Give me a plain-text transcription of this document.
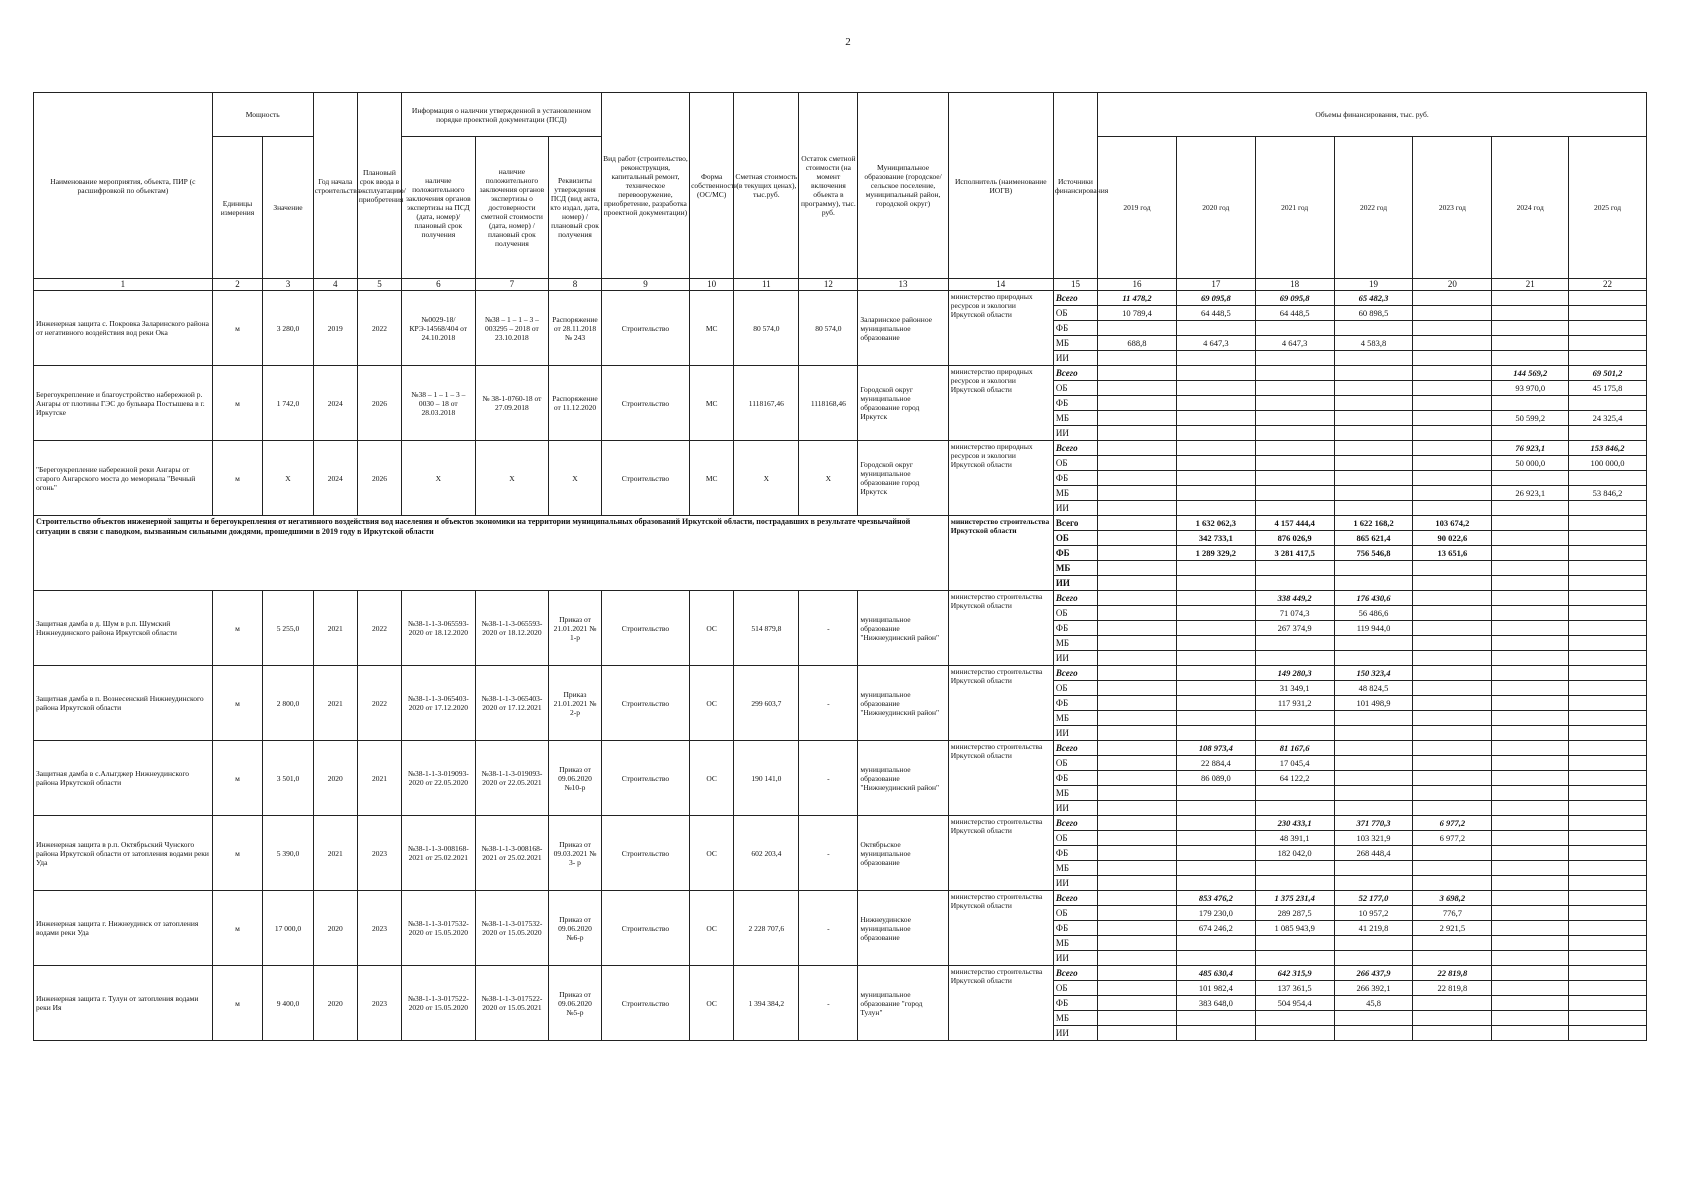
2
Наименование мероприятия, объекта, ПИР (с расшифровкой по объектам)	Мощность		Год начала строительства	Плановый срок ввода в эксплуатацию/приобретения	Информация о наличии утвержденной в установленном порядке проектной документации (ПСД)			Вид работ (строительство, реконструкция, капитальный ремонт, техническое перевооружение, приобретение, разработка проектной документации)	Форма собственности (ОС/МС)	Сметная стоимость (в текущих ценах), тыс.руб.	Остаток сметной стоимости (на момент включения объекта в программу), тыс. руб.	Муниципальное образование (городское/сельское поселение, муниципальный район, городской округ)	Исполнитель (наименование ИОГВ)	Источники финансирования	Объемы финансирования, тыс. руб.						
	Единицы измерения	Значение			наличие положительного заключения органов экспертизы на ПСД (дата, номер)/плановый срок получения	наличие положительного заключения органов экспертизы о достоверности сметной стоимости (дата, номер) / плановый срок получения	Реквизиты утверждения ПСД (вид акта, кто издал, дата, номер) / плановый срок получения								2019 год	2020 год	2021 год	2022 год	2023 год	2024 год	2025 год
1	2	3	4	5	6	7	8	9	10	11	12	13	14	15	16	17	18	19	20	21	22
Инженерная защита с. Покровка Заларинского района от негативного воздействия вод реки Ока	м	3 280,0	2019	2022	№0029-18/КРЭ-14568/404 от 24.10.2018	№38 – 1 – 1 – 3 – 003295 – 2018 от 23.10.2018	Распоряжение от 28.11.2018 № 243	Строительство	МС	80 574,0	80 574,0	Заларинское районное муниципальное образование	министерство природных ресурсов и экологии Иркутской области	Всего	11 478,2	69 095,8	69 095,8	65 482,3			
														ОБ	10 789,4	64 448,5	64 448,5	60 898,5			
														ФБ							
														МБ	688,8	4 647,3	4 647,3	4 583,8			
														ИИ							
Берегоукрепление и благоустройство набережной р. Ангары от плотины ГЭС до бульвара Постышева в г. Иркутске	м	1 742,0	2024	2026	№38 – 1 – 1 – 3 – 0030 – 18 от 28.03.2018	№ 38-1-0760-18 от 27.09.2018	Распоряжение от 11.12.2020	Строительство	МС	1118167,46	1118168,46	Городской округ муниципальное образование город Иркутск	министерство природных ресурсов и экологии Иркутской области	Всего						144 569,2	69 501,2
														ОБ						93 970,0	45 175,8
														ФБ							
														МБ						50 599,2	24 325,4
														ИИ							
"Берегоукрепление набережной реки Ангары от старого Ангарского моста до мемориала "Вечный огонь"	м	X	2024	2026	X	X	X	Строительство	МС	X	X	Городской округ муниципальное образование город Иркутск	министерство природных ресурсов и экологии Иркутской области	Всего						76 923,1	153 846,2
														ОБ						50 000,0	100 000,0
														ФБ							
														МБ						26 923,1	53 846,2
														ИИ							
Строительство объектов инженерной защиты и берегоукрепления от негативного воздействия вод населения и объектов экономики на территории муниципальных образований Иркутской области, пострадавших в результате чрезвычайной ситуации в связи с паводком, вызванным сильными дождями, прошедшими в 2019 году в Иркутской области													министерство строительства Иркутской области	Всего		1 632 062,3	4 157 444,4	1 622 168,2	103 674,2		
														ОБ		342 733,1	876 026,9	865 621,4	90 022,6		
														ФБ		1 289 329,2	3 281 417,5	756 546,8	13 651,6		
														МБ							
														ИИ							
Защитная дамба в д. Шум в р.п. Шумский Нижнеудинского района Иркутской области	м	5 255,0	2021	2022	№38-1-1-3-065593-2020 от 18.12.2020	№38-1-1-3-065593-2020 от 18.12.2020	Приказ от 21.01.2021 № 1-р	Строительство	ОС	514 879,8	-	муниципальное образование "Нижнеудинский район"	министерство строительства Иркутской области	Всего			338 449,2	176 430,6			
														ОБ			71 074,3	56 486,6			
														ФБ			267 374,9	119 944,0			
														МБ							
														ИИ							
Защитная дамба в п. Вознесенский Нижнеудинского района Иркутской области	м	2 800,0	2021	2022	№38-1-1-3-065403-2020 от 17.12.2020	№38-1-1-3-065403-2020 от 17.12.2021	Приказ 21.01.2021 № 2-р	Строительство	ОС	299 603,7	-	муниципальное образование "Нижнеудинский район"	министерство строительства Иркутской области	Всего			149 280,3	150 323,4			
														ОБ			31 349,1	48 824,5			
														ФБ			117 931,2	101 498,9			
														МБ							
														ИИ							
Защитная дамба в с.Алыгджер Нижнеудинского района Иркутской области	м	3 501,0	2020	2021	№38-1-1-3-019093-2020 от 22.05.2020	№38-1-1-3-019093-2020 от 22.05.2021	Приказ от 09.06.2020 №10-р	Строительство	ОС	190 141,0	-	муниципальное образование "Нижнеудинский район"	министерство строительства Иркутской области	Всего		108 973,4	81 167,6				
														ОБ		22 884,4	17 045,4				
														ФБ		86 089,0	64 122,2				
														МБ							
														ИИ							
Инженерная защита в р.п. Октябрьский Чунского района Иркутской области от затопления водами реки Уда	м	5 390,0	2021	2023	№38-1-1-3-008168-2021 от 25.02.2021	№38-1-1-3-008168-2021 от 25.02.2021	Приказ от 09.03.2021 № 3- р	Строительство	ОС	602 203,4	-	Октябрьское муниципальное образование	министерство строительства Иркутской области	Всего			230 433,1	371 770,3	6 977,2		
														ОБ			48 391,1	103 321,9	6 977,2		
														ФБ			182 042,0	268 448,4			
														МБ							
														ИИ							
Инженерная защита г. Нижнеудинск от затопления водами реки Уда	м	17 000,0	2020	2023	№38-1-1-3-017532-2020 от 15.05.2020	№38-1-1-3-017532-2020 от 15.05.2020	Приказ от 09.06.2020 №6-р	Строительство	ОС	2 228 707,6	-	Нижнеудинское муниципальное образование	министерство строительства Иркутской области	Всего		853 476,2	1 375 231,4	52 177,0	3 698,2		
														ОБ		179 230,0	289 287,5	10 957,2	776,7		
														ФБ		674 246,2	1 085 943,9	41 219,8	2 921,5		
														МБ							
														ИИ							
Инженерная защита г. Тулун от затопления водами реки Ия	м	9 400,0	2020	2023	№38-1-1-3-017522-2020 от 15.05.2020	№38-1-1-3-017522-2020 от 15.05.2021	Приказ от 09.06.2020 №5-р	Строительство	ОС	1 394 384,2	-	муниципальное образование "город Тулун"	министерство строительства Иркутской области	Всего		485 630,4	642 315,9	266 437,9	22 819,8		
														ОБ		101 982,4	137 361,5	266 392,1	22 819,8		
														ФБ		383 648,0	504 954,4	45,8			
														МБ							
														ИИ							
